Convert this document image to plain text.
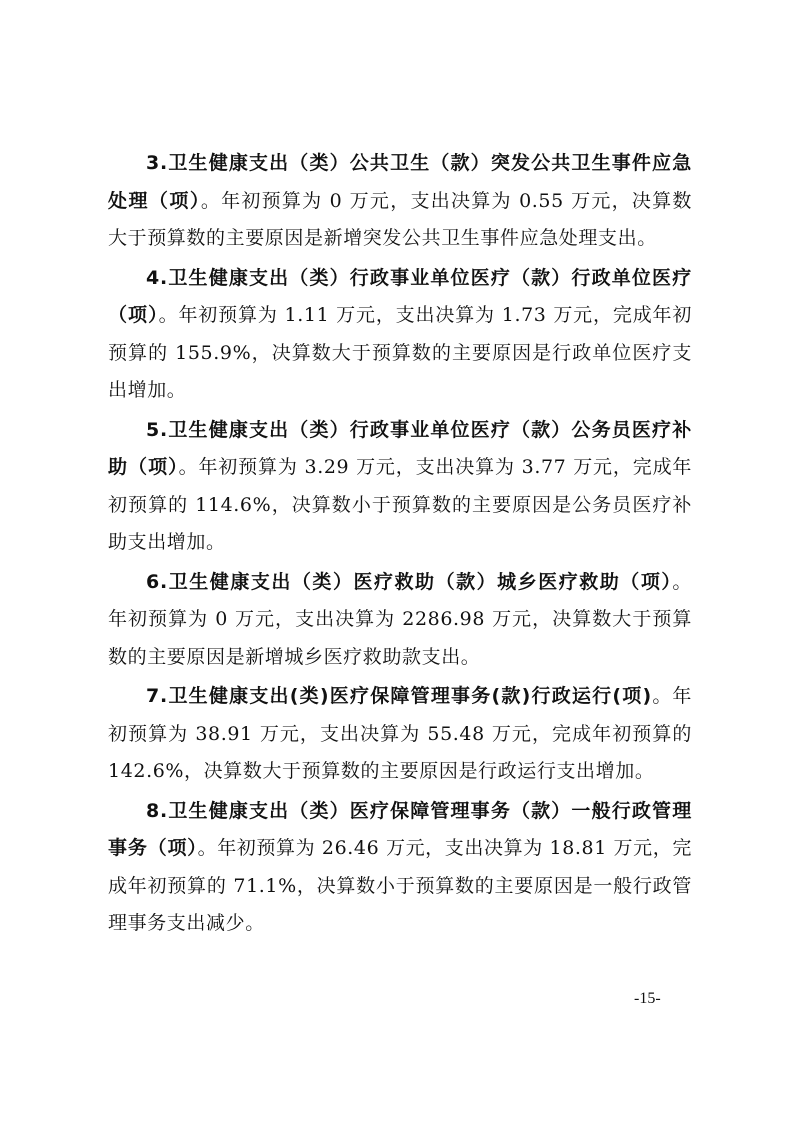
3.卫生健康支出（类）公共卫生（款）突发公共卫生事件应急处理（项）。年初预算为 0 万元，支出决算为 0.55 万元，决算数大于预算数的主要原因是新增突发公共卫生事件应急处理支出。

4.卫生健康支出（类）行政事业单位医疗（款）行政单位医疗（项）。年初预算为 1.11 万元，支出决算为 1.73 万元，完成年初预算的 155.9%，决算数大于预算数的主要原因是行政单位医疗支出增加。

5.卫生健康支出（类）行政事业单位医疗（款）公务员医疗补助（项）。年初预算为 3.29 万元，支出决算为 3.77 万元，完成年初预算的 114.6%，决算数小于预算数的主要原因是公务员医疗补助支出增加。

6.卫生健康支出（类）医疗救助（款）城乡医疗救助（项）。年初预算为 0 万元，支出决算为 2286.98 万元，决算数大于预算数的主要原因是新增城乡医疗救助款支出。

7.卫生健康支出(类)医疗保障管理事务(款)行政运行(项)。年初预算为 38.91 万元，支出决算为 55.48 万元，完成年初预算的 142.6%，决算数大于预算数的主要原因是行政运行支出增加。

8.卫生健康支出（类）医疗保障管理事务（款）一般行政管理事务（项）。年初预算为 26.46 万元，支出决算为 18.81 万元，完成年初预算的 71.1%，决算数小于预算数的主要原因是一般行政管理事务支出减少。

-15-
